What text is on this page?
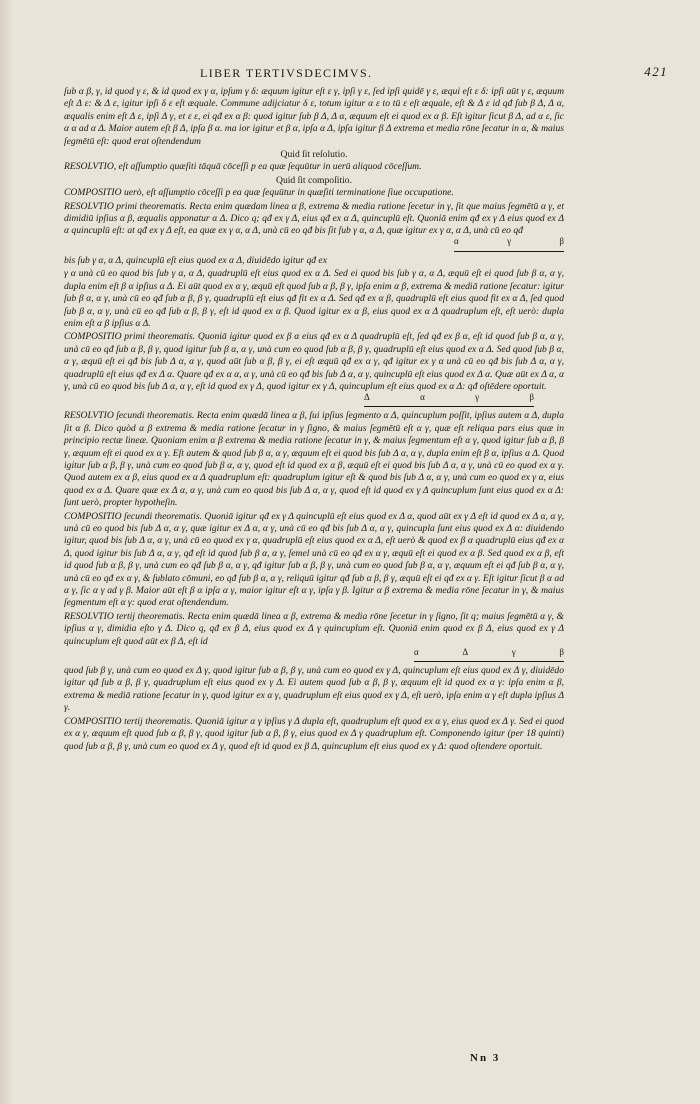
LIBER TERTIVSDECIMVS.	421

ſub α β, γ, id quod γ ε, & id quod ex γ α, ipſum γ δ: æquum igitur eſt ε γ, ipſi γ ε, ſed ipſi quidē γ ε, æqui eſt ε δ: ipſi aūt γ ε, æquum eſt Δ ε: & Δ ε, igitur ipſi δ ε eſt æquale. Commune adijciatur δ ε, totum igitur α ε to tū ε eſt æquale, eſt & Δ ε id qđ ſub β Δ, Δ α, æqualis enim eſt Δ ε, ipſi Δ γ, et ε ε, ei qđ ex α β: quod igitur ſub β Δ, Δ α, æquum eſt ei quod ex α β. Eſt igitur ſicut β Δ, ad α ε, ſic α α ad α Δ. Maior autem eſt β Δ, ipſa β α. ma ior igitur et β α, ipſa α Δ, ipſa igitur β Δ extrema et media rōne ſecatur in α, & maius ſegmētū eſt: quod erat oſtendendum

Quid ſit reſolutio.

RESOLVTIO, eſt aſſumptio quæſiti tāquā cōceſſi p ea quæ ſequūtur in uerū aliquod cōceſſum.

Quid ſit compoſitio.

COMPOSITIO uerò, eſt aſſumptio cōceſſi p ea quæ ſequūtur in quæſiti terminatione ſiue occupatione.

RESOLVTIO primi theorematis. Recta enim quædam linea α β, extrema & media ratione ſecetur in γ, ſit que maius ſegmētū α γ, et dimidiū ipſius α β, æqualis apponatur α Δ. Dico q; qđ ex γ Δ, eius qđ ex α Δ, quincuplū eſt. Quoniā enim qđ ex γ Δ eius quod ex Δ α quincuplū eſt: at qđ ex γ Δ eſt, ea quæ ex γ α, α Δ, unà cū eo qđ bis ſit ſub γ α, α Δ, quæ igitur ex γ α, α Δ, unà cū eo qđ

α	γ	β

bis ſub γ α, α Δ, quincuplū eſt eius quod ex α Δ, diuidēdo igitur qđ ex

γ α unà cū eo quod bis ſub γ α, α Δ, quadruplū eſt eius quod ex α Δ. Sed ei quod bis ſub γ α, α Δ, æquū eſt ei quod ſub β α, α γ, dupla enim eſt β α ipſius α Δ. Ei aūt quod ex α γ, æquū eſt quod ſub α β, β γ, ipſa enim α β, extrema & mediā ratione ſecatur: igitur ſub β α, α γ, unà cū eo qđ ſub α β, β γ, quadruplū eſt eius qđ fit ex α Δ. Sed qđ ex α β, quadruplū eſt eius quod fit ex α Δ, ſed quod ſub β α, α γ, unà cū eo qđ ſub α β, β γ, eſt id quod ex α β. Quod igitur ex α β, eius quod ex α Δ quadruplum eſt, eſt uerò: dupla enim eſt α β ipſius α Δ.

COMPOSITIO primi theorematis. Quoniā igitur quod ex β α eius qđ ex α Δ quadruplū eſt, ſed qđ ex β α, eſt id quod ſub β α, α γ, unà cū eo qđ ſub α β, β γ, quod igitur ſub β α, α γ, unà cum eo quod ſub α β, β γ, quadruplū eſt eius quod ex α Δ. Sed quod ſub β α, α γ, æquū eſt ei qđ bis ſub Δ α, α γ, quod aūt ſub α β, β γ, ei eſt æquū qđ ex α γ, qđ igitur ex γ α unà cū eo qđ bis ſub Δ α, α γ, quadruplū eſt eius qđ ex Δ α. Quare qđ ex α α, α γ, unà cū eo qđ bis ſub Δ α, α γ, quincuplū eſt eius quod ex Δ α. Quæ aūt ex Δ α, α γ, unà cū eo quod bis ſub Δ α, α γ, eſt id quod ex γ Δ, quod igitur ex γ Δ, quincuplum eſt eius quod ex α Δ: qđ oſtēdere oportuit.

Δ	α	γ	β

RESOLVTIO ſecundi theorematis. Recta enim quædā linea α β, ſui ipſius ſegmento α Δ, quincuplum poſſit, ipſius autem α Δ, dupla ſit α β. Dico quòd α β extrema & media ratione ſecatur in γ ſigno, & maius ſegmētū eſt α γ, quæ eſt reliqua pars eius quæ in principio rectæ lineæ. Quoniam enim α β extrema & media ratione ſecatur in γ, & maius ſegmentum eſt α γ, quod igitur ſub α β, β γ, æquum eſt ei quod ex α γ. Eſt autem & quod ſub β α, α γ, æquum eſt ei quod bis ſub Δ α, α γ, dupla enim eſt β α, ipſius α Δ. Quod igitur ſub α β, β γ, unà cum eo quod ſub β α, α γ, quod eſt id quod ex α β, æquū eſt ei quod bis ſub Δ α, α γ, unà cū eo quod ex α γ. Quod autem ex α β, eius quod ex α Δ quadruplum eſt: quadruplum igitur eſt & quod bis ſub Δ α, α γ, unà cum eo quod ex γ α, eius quod ex α Δ. Quare quæ ex Δ α, α γ, unà cum eo quod bis ſub Δ α, α γ, quod eſt id quod ex γ Δ quincuplum ſunt eius quod ex α Δ: ſunt uerò, propter hypotheſin.

COMPOSITIO ſecundi theorematis. Quoniā igitur qđ ex γ Δ quincuplū eſt eius quod ex Δ α, quod aūt ex γ Δ eſt id quod ex Δ α, α γ, unà cū eo quod bis ſub Δ α, α γ, quæ igitur ex Δ α, α γ, unà cū eo qđ bis ſub Δ α, α γ, quincupla ſunt eius quod ex Δ α: diuidendo igitur, quod bis ſub Δ α, α γ, unà cū eo quod ex γ α, quadruplū eſt eius quod ex α Δ, eſt uerò & quod ex β α quadruplū eius qđ ex α Δ, quod igitur bis ſub Δ α, α γ, qđ eſt id quod ſub β α, α γ, ſemel unà cū eo qđ ex α γ, æquū eſt ei quod ex α β. Sed quod ex α β, eſt id quod ſub α β, β γ, unà cum eo qđ ſub β α, α γ, qđ igitur ſub α β, β γ, unà cum eo quod ſub β α, α γ, æquum eſt ei qđ ſub β α, α γ, unà cū eo qđ ex α γ, & ſublato cōmuni, eo qđ ſub β α, α γ, reliquū igitur qđ ſub α β, β γ, æquū eſt ei qđ ex α γ. Eſt igitur ſicut β α ad α γ, ſic α γ ad γ β. Maior aūt eſt β α ipſa α γ, maior igitur eſt α γ, ipſa γ β. Igitur α β extrema & media rōne ſecatur in γ, & maius ſegmentum eſt α γ: quod erat oſtendendum.

RESOLVTIO tertij theorematis. Recta enim quædā linea α β, extrema & media rōne ſecetur in γ ſigno, ſit q; maius ſegmētū α γ, & ipſius α γ, dimidia eſto γ Δ. Dico q, qđ ex β Δ, eius quod ex Δ γ quincuplum eſt. Quoniā enim quod ex β Δ, eius quod ex γ Δ quincuplum eſt quod aūt ex β Δ, eſt id

α	Δ	γ	β

quod ſub β γ, unà cum eo quod ex Δ γ, quod igitur ſub α β, β γ, unà cum eo quod ex γ Δ, quincuplum eſt eius quod ex Δ γ, diuidēdo igitur qđ ſub α β, β γ, quadruplum eſt eius quod ex γ Δ. Ei autem quod ſub α β, β γ, æquum eſt id quod ex α γ: ipſa enim α β, extrema & mediā ratione ſecatur in γ, quod igitur ex α γ, quadruplum eſt eius quod ex γ Δ, eſt uerò, ipſa enim α γ eſt dupla ipſius Δ γ.

COMPOSITIO tertij theorematis. Quoniā igitur α γ ipſius γ Δ dupla eſt, quadruplum eſt quod ex α γ, eius quod ex Δ γ. Sed ei quod ex α γ, æquum eſt quod ſub α β, β γ, quod igitur ſub α β, β γ, eius quod ex Δ γ quadruplum eſt. Componendo igitur (per 18 quinti) quod ſub α β, β γ, unà cum eo quod ex Δ γ, quod eſt id quod ex β Δ, quincuplum eſt eius quod ex γ Δ: quod oſtendere oportuit.

Nn 3
